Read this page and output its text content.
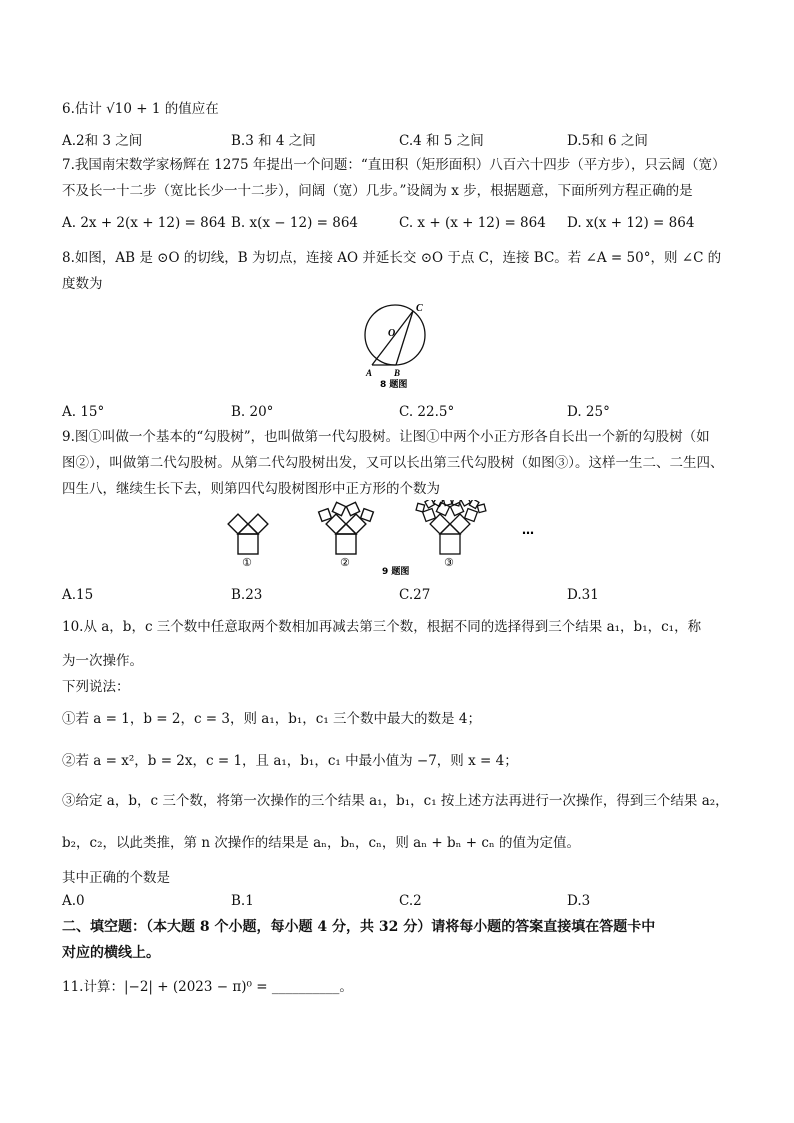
6.估计 √10 + 1 的值应在
A.2和 3 之间	B.3 和 4 之间	C.4 和 5 之间	D.5和 6 之间
7.我国南宋数学家杨辉在 1275 年提出一个问题：“直田积（矩形面积）八百六十四步（平方步），只云阔（宽）
不及长一十二步（宽比长少一十二步），问阔（宽）几步。”设阔为 x 步，根据题意，下面所列方程正确的是
A. 2x + 2(x + 12) = 864 B. x(x − 12) = 864	C. x + (x + 12) = 864 D. x(x + 12) = 864
8.如图，AB 是 ⊙O 的切线，B 为切点，连接 AO 并延长交 ⊙O 于点 C，连接 BC。若 ∠A = 50°，则 ∠C 的
度数为
C
O
A B
8 题图
A. 15°	B. 20°	C. 22.5°	D. 25°
9.图①叫做一个基本的“勾股树”，也叫做第一代勾股树。让图①中两个小正方形各自长出一个新的勾股树（如
图②），叫做第二代勾股树。从第二代勾股树出发，又可以长出第三代勾股树（如图③）。这样一生二、二生四、
四生八，继续生长下去，则第四代勾股树图形中正方形的个数为
①	②	③
…
9 题图
A.15	B.23	C.27	D.31
10.从 a，b，c 三个数中任意取两个数相加再减去第三个数，根据不同的选择得到三个结果 a₁，b₁，c₁，称
为一次操作。
下列说法：
①若 a = 1，b = 2，c = 3，则 a₁，b₁，c₁ 三个数中最大的数是 4；
②若 a = x²，b = 2x，c = 1，且 a₁，b₁，c₁ 中最小值为 −7，则 x = 4；
③给定 a，b，c 三个数，将第一次操作的三个结果 a₁，b₁，c₁ 按上述方法再进行一次操作，得到三个结果 a₂，
b₂，c₂，以此类推，第 n 次操作的结果是 aₙ，bₙ，cₙ，则 aₙ + bₙ + cₙ 的值为定值。
其中正确的个数是
A.0	B.1	C.2	D.3
二、填空题：（本大题 8 个小题，每小题 4 分，共 32 分）请将每小题的答案直接填在答题卡中
对应的横线上。
11.计算：|−2| + (2023 − π)⁰ = __________。
